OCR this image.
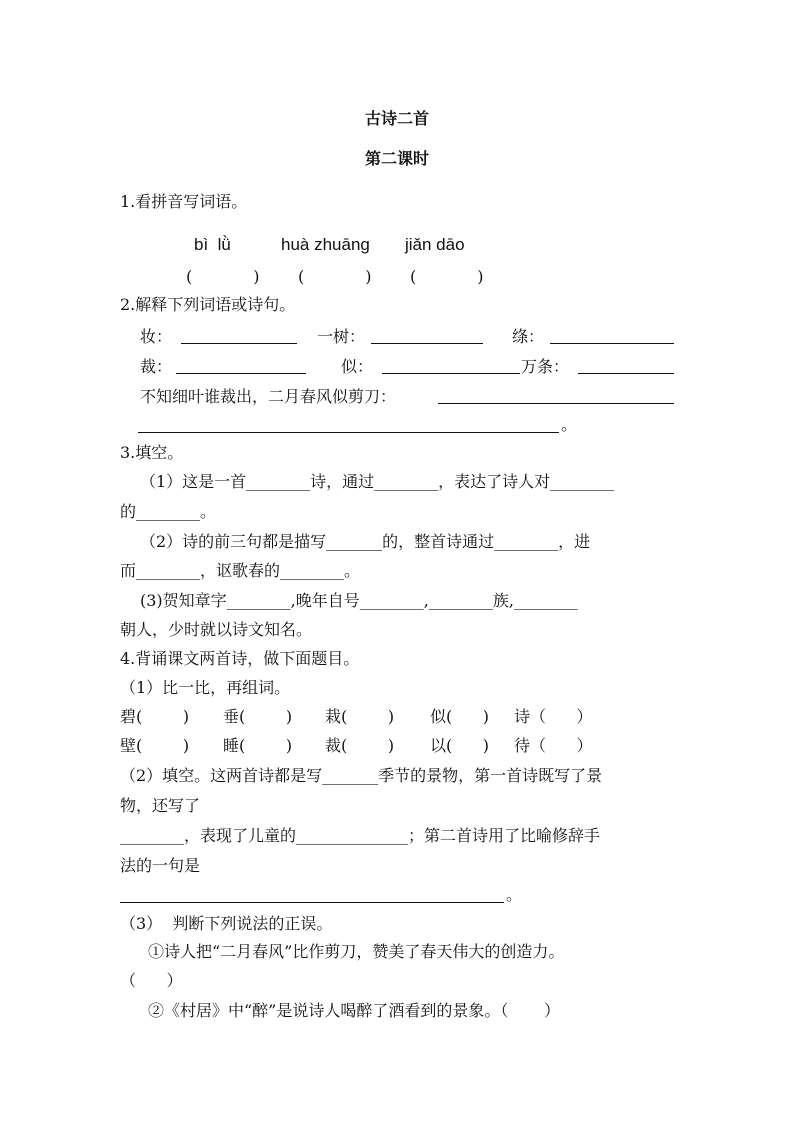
古诗二首
第二课时
1.看拼音写词语。
bì  lǜ	huà zhuāng jiǎn dāo
(            ) (            ) (            )
2.解释下列词语或诗句。
妆：	一树：	绦：
裁：	似：	万条：
不知细叶谁裁出，二月春风似剪刀：
。
3.填空。
（1）这是一首________诗，通过________，表达了诗人对________
的________。
（2）诗的前三句都是描写_______的，整首诗通过________，进
而________，讴歌春的________。
(3)贺知章字________,晚年自号________,________族,________
朝人，少时就以诗文知名。
4.背诵课文两首诗，做下面题目。
（1）比一比，再组词。
碧(        ) 垂(        ) 栽(        ) 似(      ) 诗（      ）
壁(        ) 睡(        ) 裁(        ) 以(      ) 待（      ）
（2）填空。这两首诗都是写_______季节的景物，第一首诗既写了景
物，还写了
________，表现了儿童的______________；第二首诗用了比喻修辞手
法的一句是
。
（3）  判断下列说法的正误。
①诗人把“二月春风”比作剪刀，赞美了春天伟大的创造力。
（      ）
②《村居》中“醉”是说诗人喝醉了酒看到的景象。（       ）
